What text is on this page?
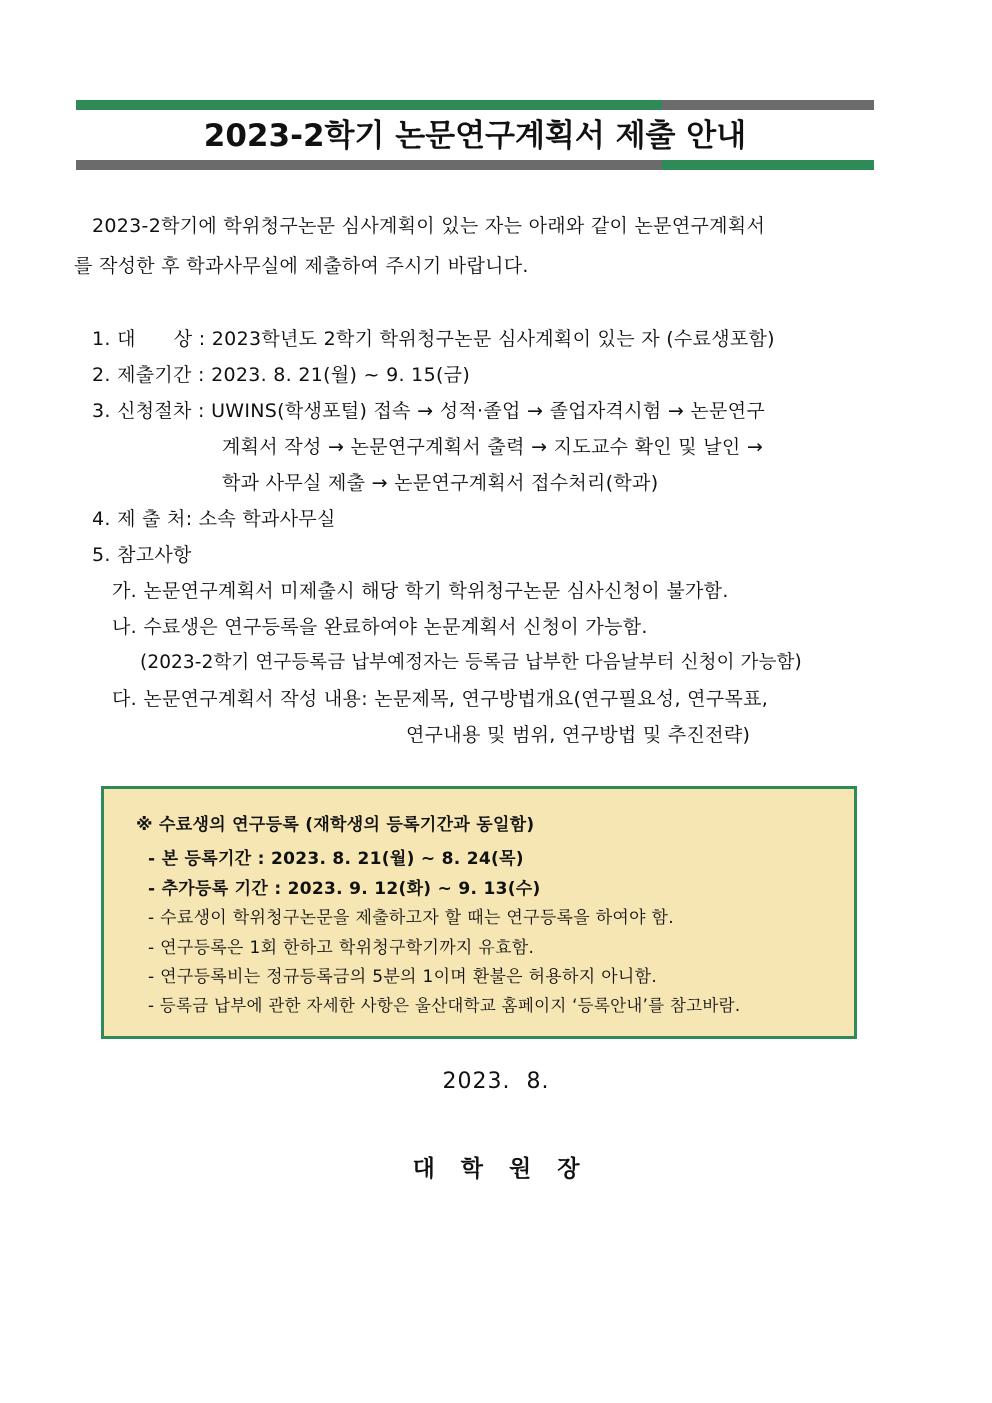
2023-2학기 논문연구계획서 제출 안내
2023-2학기에 학위청구논문 심사계획이 있는 자는 아래와 같이 논문연구계획서
를 작성한 후 학과사무실에 제출하여 주시기 바랍니다.
1. 대      상 : 2023학년도 2학기 학위청구논문 심사계획이 있는 자 (수료생포함)
2. 제출기간 : 2023. 8. 21(월) ~ 9. 15(금)
3. 신청절차 : UWINS(학생포털) 접속 → 성적·졸업 → 졸업자격시험 → 논문연구
계획서 작성 → 논문연구계획서 출력 → 지도교수 확인 및 날인 →
학과 사무실 제출 → 논문연구계획서 접수처리(학과)
4. 제 출 처: 소속 학과사무실
5. 참고사항
가. 논문연구계획서 미제출시 해당 학기 학위청구논문 심사신청이 불가함.
나. 수료생은 연구등록을 완료하여야 논문계획서 신청이 가능함.
(2023-2학기 연구등록금 납부예정자는 등록금 납부한 다음날부터 신청이 가능함)
다. 논문연구계획서 작성 내용: 논문제목, 연구방법개요(연구필요성, 연구목표,
연구내용 및 범위, 연구방법 및 추진전략)
※ 수료생의 연구등록 (재학생의 등록기간과 동일함)
- 본 등록기간 : 2023. 8. 21(월) ~ 8. 24(목)
- 추가등록 기간 : 2023. 9. 12(화) ~ 9. 13(수)
- 수료생이 학위청구논문을 제출하고자 할 때는 연구등록을 하여야 함.
- 연구등록은 1회 한하고 학위청구학기까지 유효함.
- 연구등록비는 정규등록금의 5분의 1이며 환불은 허용하지 아니함.
- 등록금 납부에 관한 자세한 사항은 울산대학교 홈페이지 ‘등록안내’를 참고바람.
2023.  8.
대학원장
